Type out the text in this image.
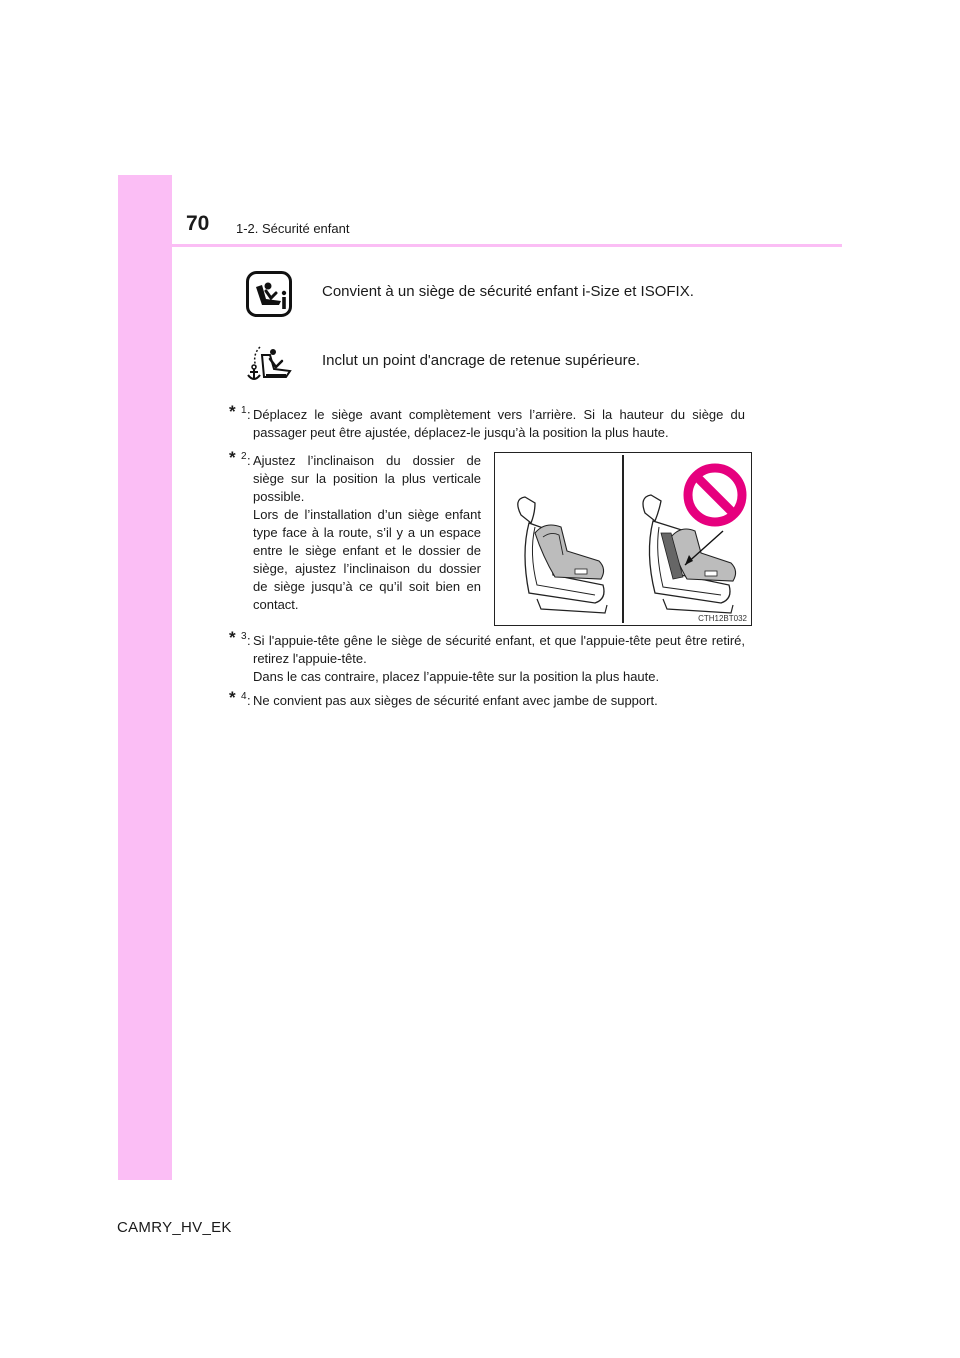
70 1-2. Sécurité enfant
Convient à un siège de sécurité enfant i-Size et ISOFIX.
Inclut un point d'ancrage de retenue supérieure.
* 1 : Déplacez le siège avant complètement vers l’arrière. Si la hauteur du siège du passager peut être ajustée, déplacez-le jusqu’à la position la plus haute.
* 2 : Ajustez l’inclinaison du dossier de siège sur la position la plus verticale possible.
Lors de l’installation d’un siège enfant type face à la route, s’il y a un espace entre le siège enfant et le dossier de siège, ajustez l’inclinaison du dossier de siège jusqu’à ce qu’il soit bien en contact.
CTH12BT032
* 3 : Si l'appuie-tête gêne le siège de sécurité enfant, et que l'appuie-tête peut être retiré, retirez l'appuie-tête.
Dans le cas contraire, placez l’appuie-tête sur la position la plus haute.
* 4 : Ne convient pas aux sièges de sécurité enfant avec jambe de support.
CAMRY_HV_EK
